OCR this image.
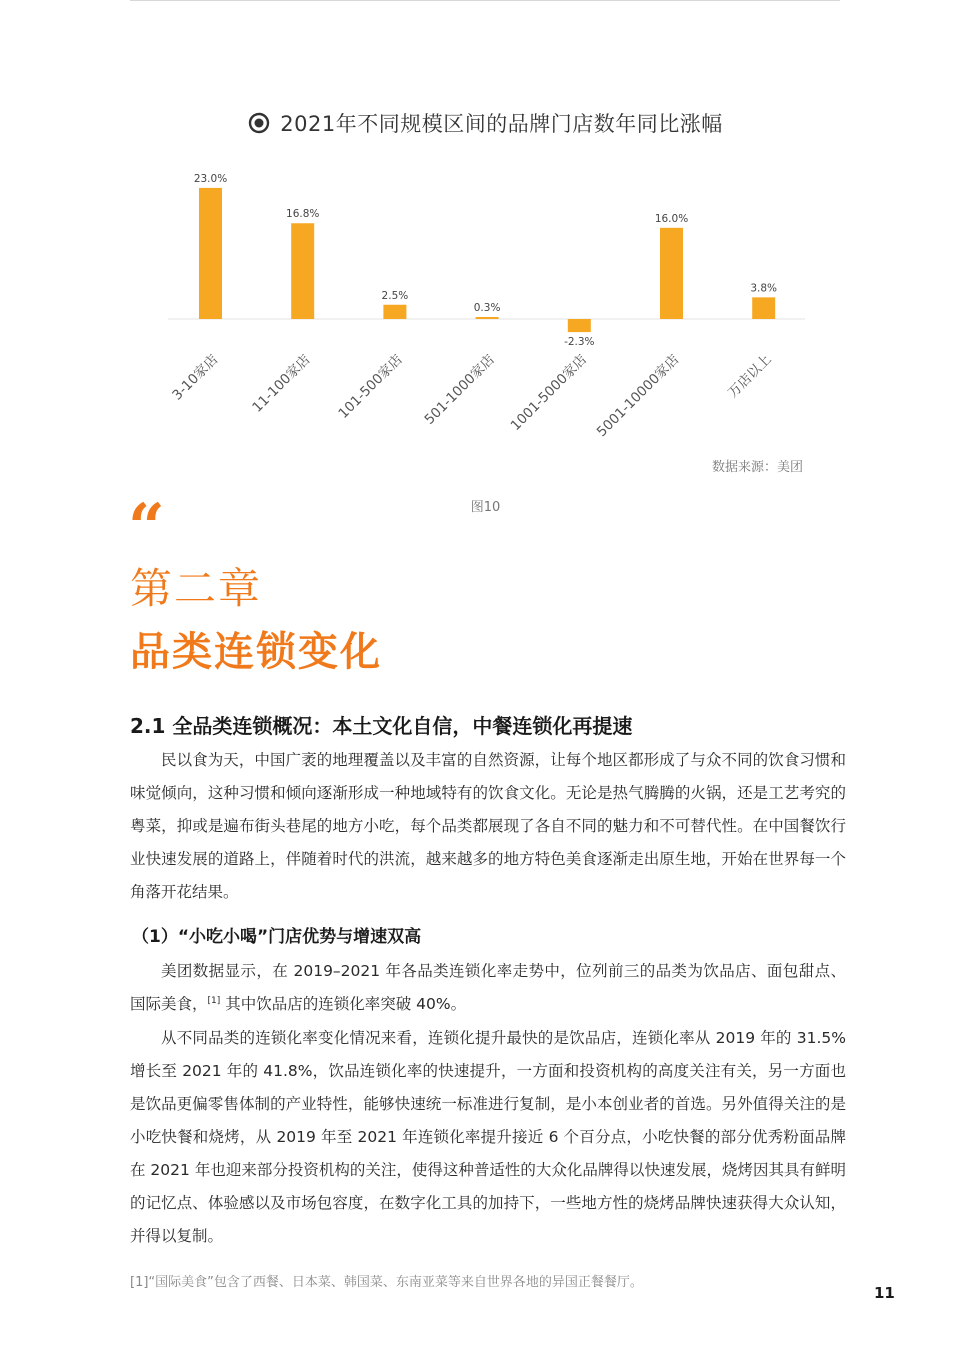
2021年不同规模区间的品牌门店数年同比涨幅
23.0%
3-10家店
16.8%
11-100家店
2.5%
101-500家店
0.3%
501-1000家店
-2.3%
1001-5000家店
16.0%
5001-10000家店
3.8%
万店以上
数据来源：美团
图10
“
第二章
品类连锁变化
2.1 全品类连锁概况：本土文化自信，中餐连锁化再提速

民以食为天，中国广袤的地理覆盖以及丰富的自然资源，让每个地区都形成了与众不同的饮食习惯和味觉倾向，这种习惯和倾向逐渐形成一种地域特有的饮食文化。无论是热气腾腾的火锅，还是工艺考究的粤菜，抑或是遍布街头巷尾的地方小吃，每个品类都展现了各自不同的魅力和不可替代性。在中国餐饮行业快速发展的道路上，伴随着时代的洪流，越来越多的地方特色美食逐渐走出原生地，开始在世界每一个角落开花结果。

（1）“小吃小喝”门店优势与增速双高

美团数据显示，在 2019–2021 年各品类连锁化率走势中，位列前三的品类为饮品店、面包甜点、国际美食，[1] 其中饮品店的连锁化率突破 40%。

从不同品类的连锁化率变化情况来看，连锁化提升最快的是饮品店，连锁化率从 2019 年的 31.5% 增长至 2021 年的 41.8%，饮品连锁化率的快速提升，一方面和投资机构的高度关注有关，另一方面也是饮品更偏零售体制的产业特性，能够快速统一标准进行复制，是小本创业者的首选。另外值得关注的是小吃快餐和烧烤，从 2019 年至 2021 年连锁化率提升接近 6 个百分点，小吃快餐的部分优秀粉面品牌在 2021 年也迎来部分投资机构的关注，使得这种普适性的大众化品牌得以快速发展，烧烤因其具有鲜明的记忆点、体验感以及市场包容度，在数字化工具的加持下，一些地方性的烧烤品牌快速获得大众认知，并得以复制。

[1]“国际美食”包含了西餐、日本菜、韩国菜、东南亚菜等来自世界各地的异国正餐餐厅。
11
